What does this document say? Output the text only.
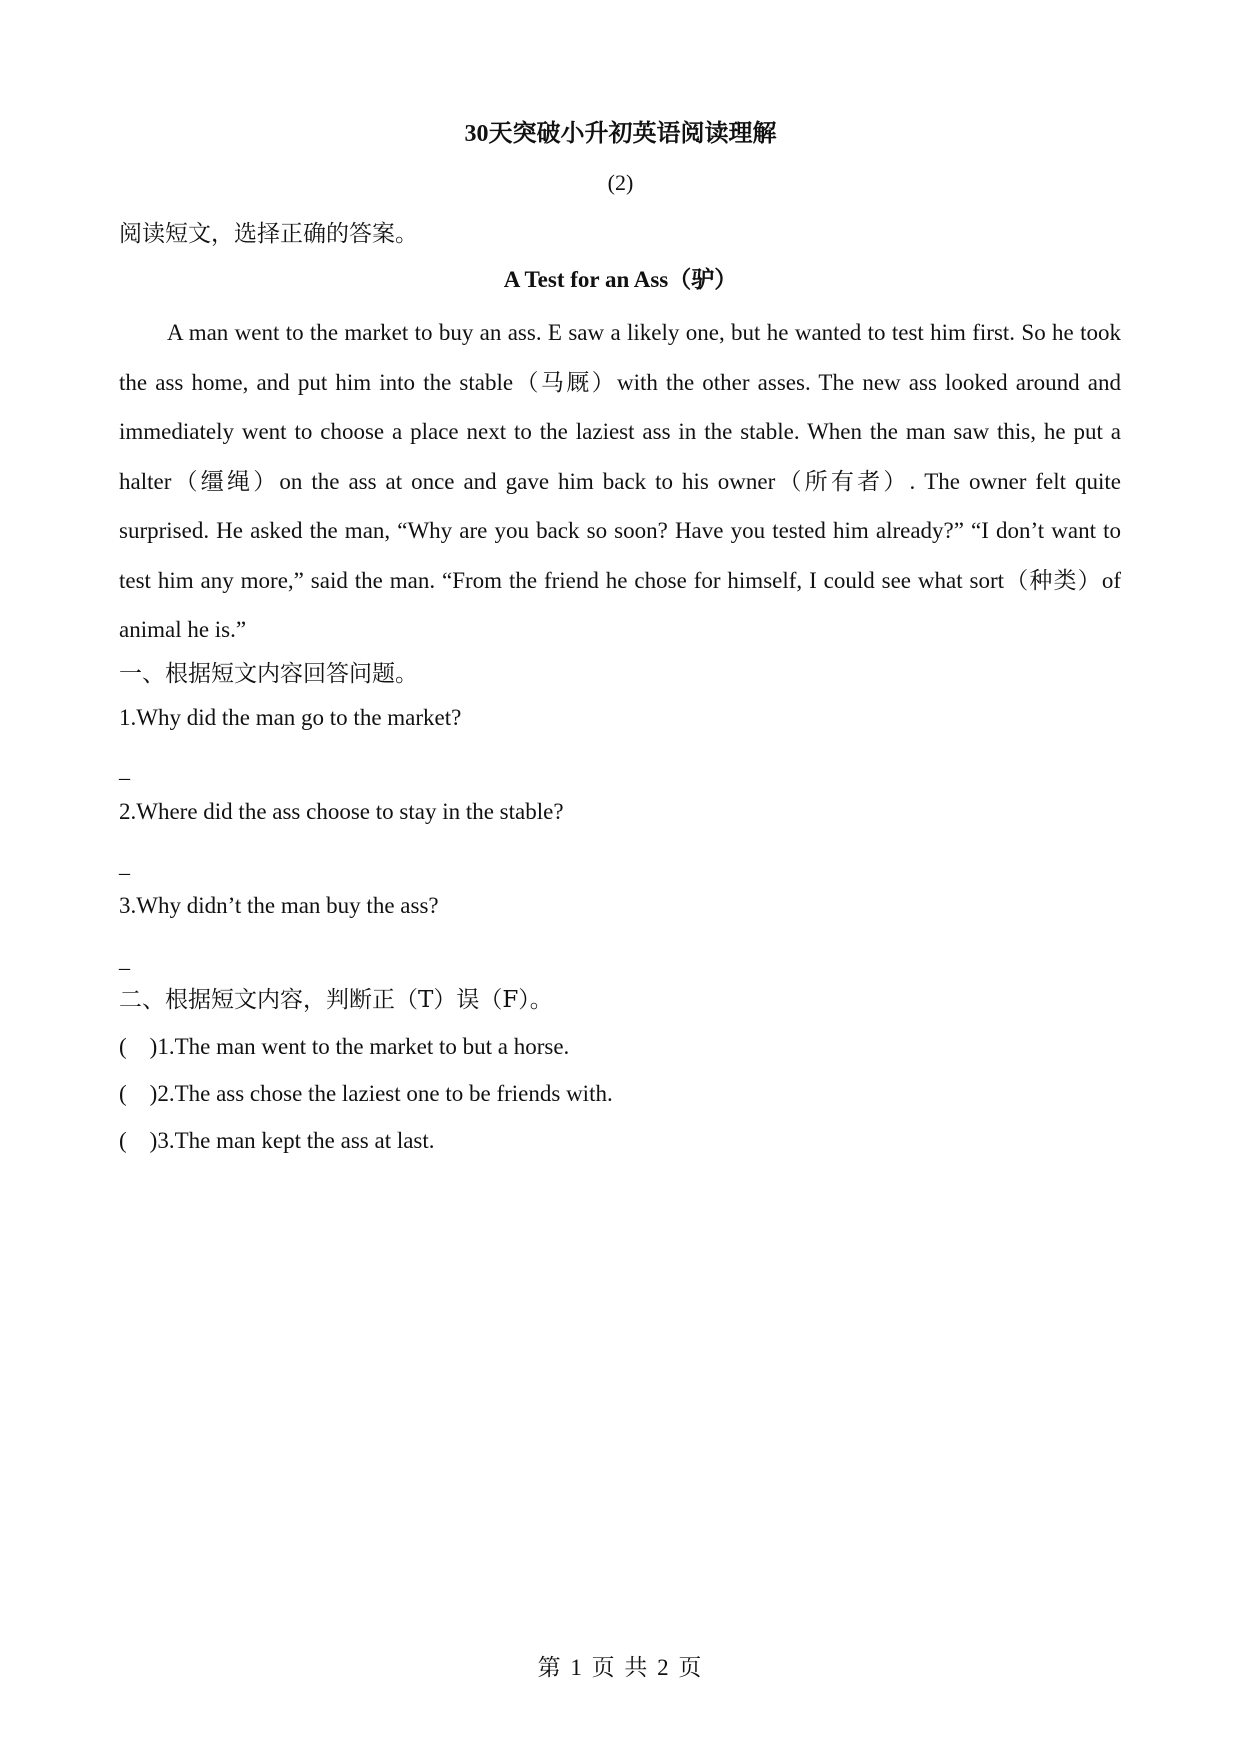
30天突破小升初英语阅读理解
(2)
阅读短文，选择正确的答案。
A Test for an Ass（驴）

A man went to the market to buy an ass. E saw a likely one, but he wanted to test him first. So he took the ass home, and put him into the stable（马厩）with the other asses. The new ass looked around and immediately went to choose a place next to the laziest ass in the stable. When the man saw this, he put a halter（缰绳）on the ass at once and gave him back to his owner（所有者）. The owner felt quite surprised. He asked the man, “Why are you back so soon? Have you tested him already?” “I don’t want to test him any more,” said the man. “From the friend he chose for himself, I could see what sort（种类）of animal he is.”

一、根据短文内容回答问题。
1.Why did the man go to the market?
_
2.Where did the ass choose to stay in the stable?
_
3.Why didn’t the man buy the ass?
_
二、根据短文内容，判断正（T）误（F）。
(    )1.The man went to the market to but a horse.
(    )2.The ass chose the laziest one to be friends with.
(    )3.The man kept the ass at last.
第 1 页 共 2 页
